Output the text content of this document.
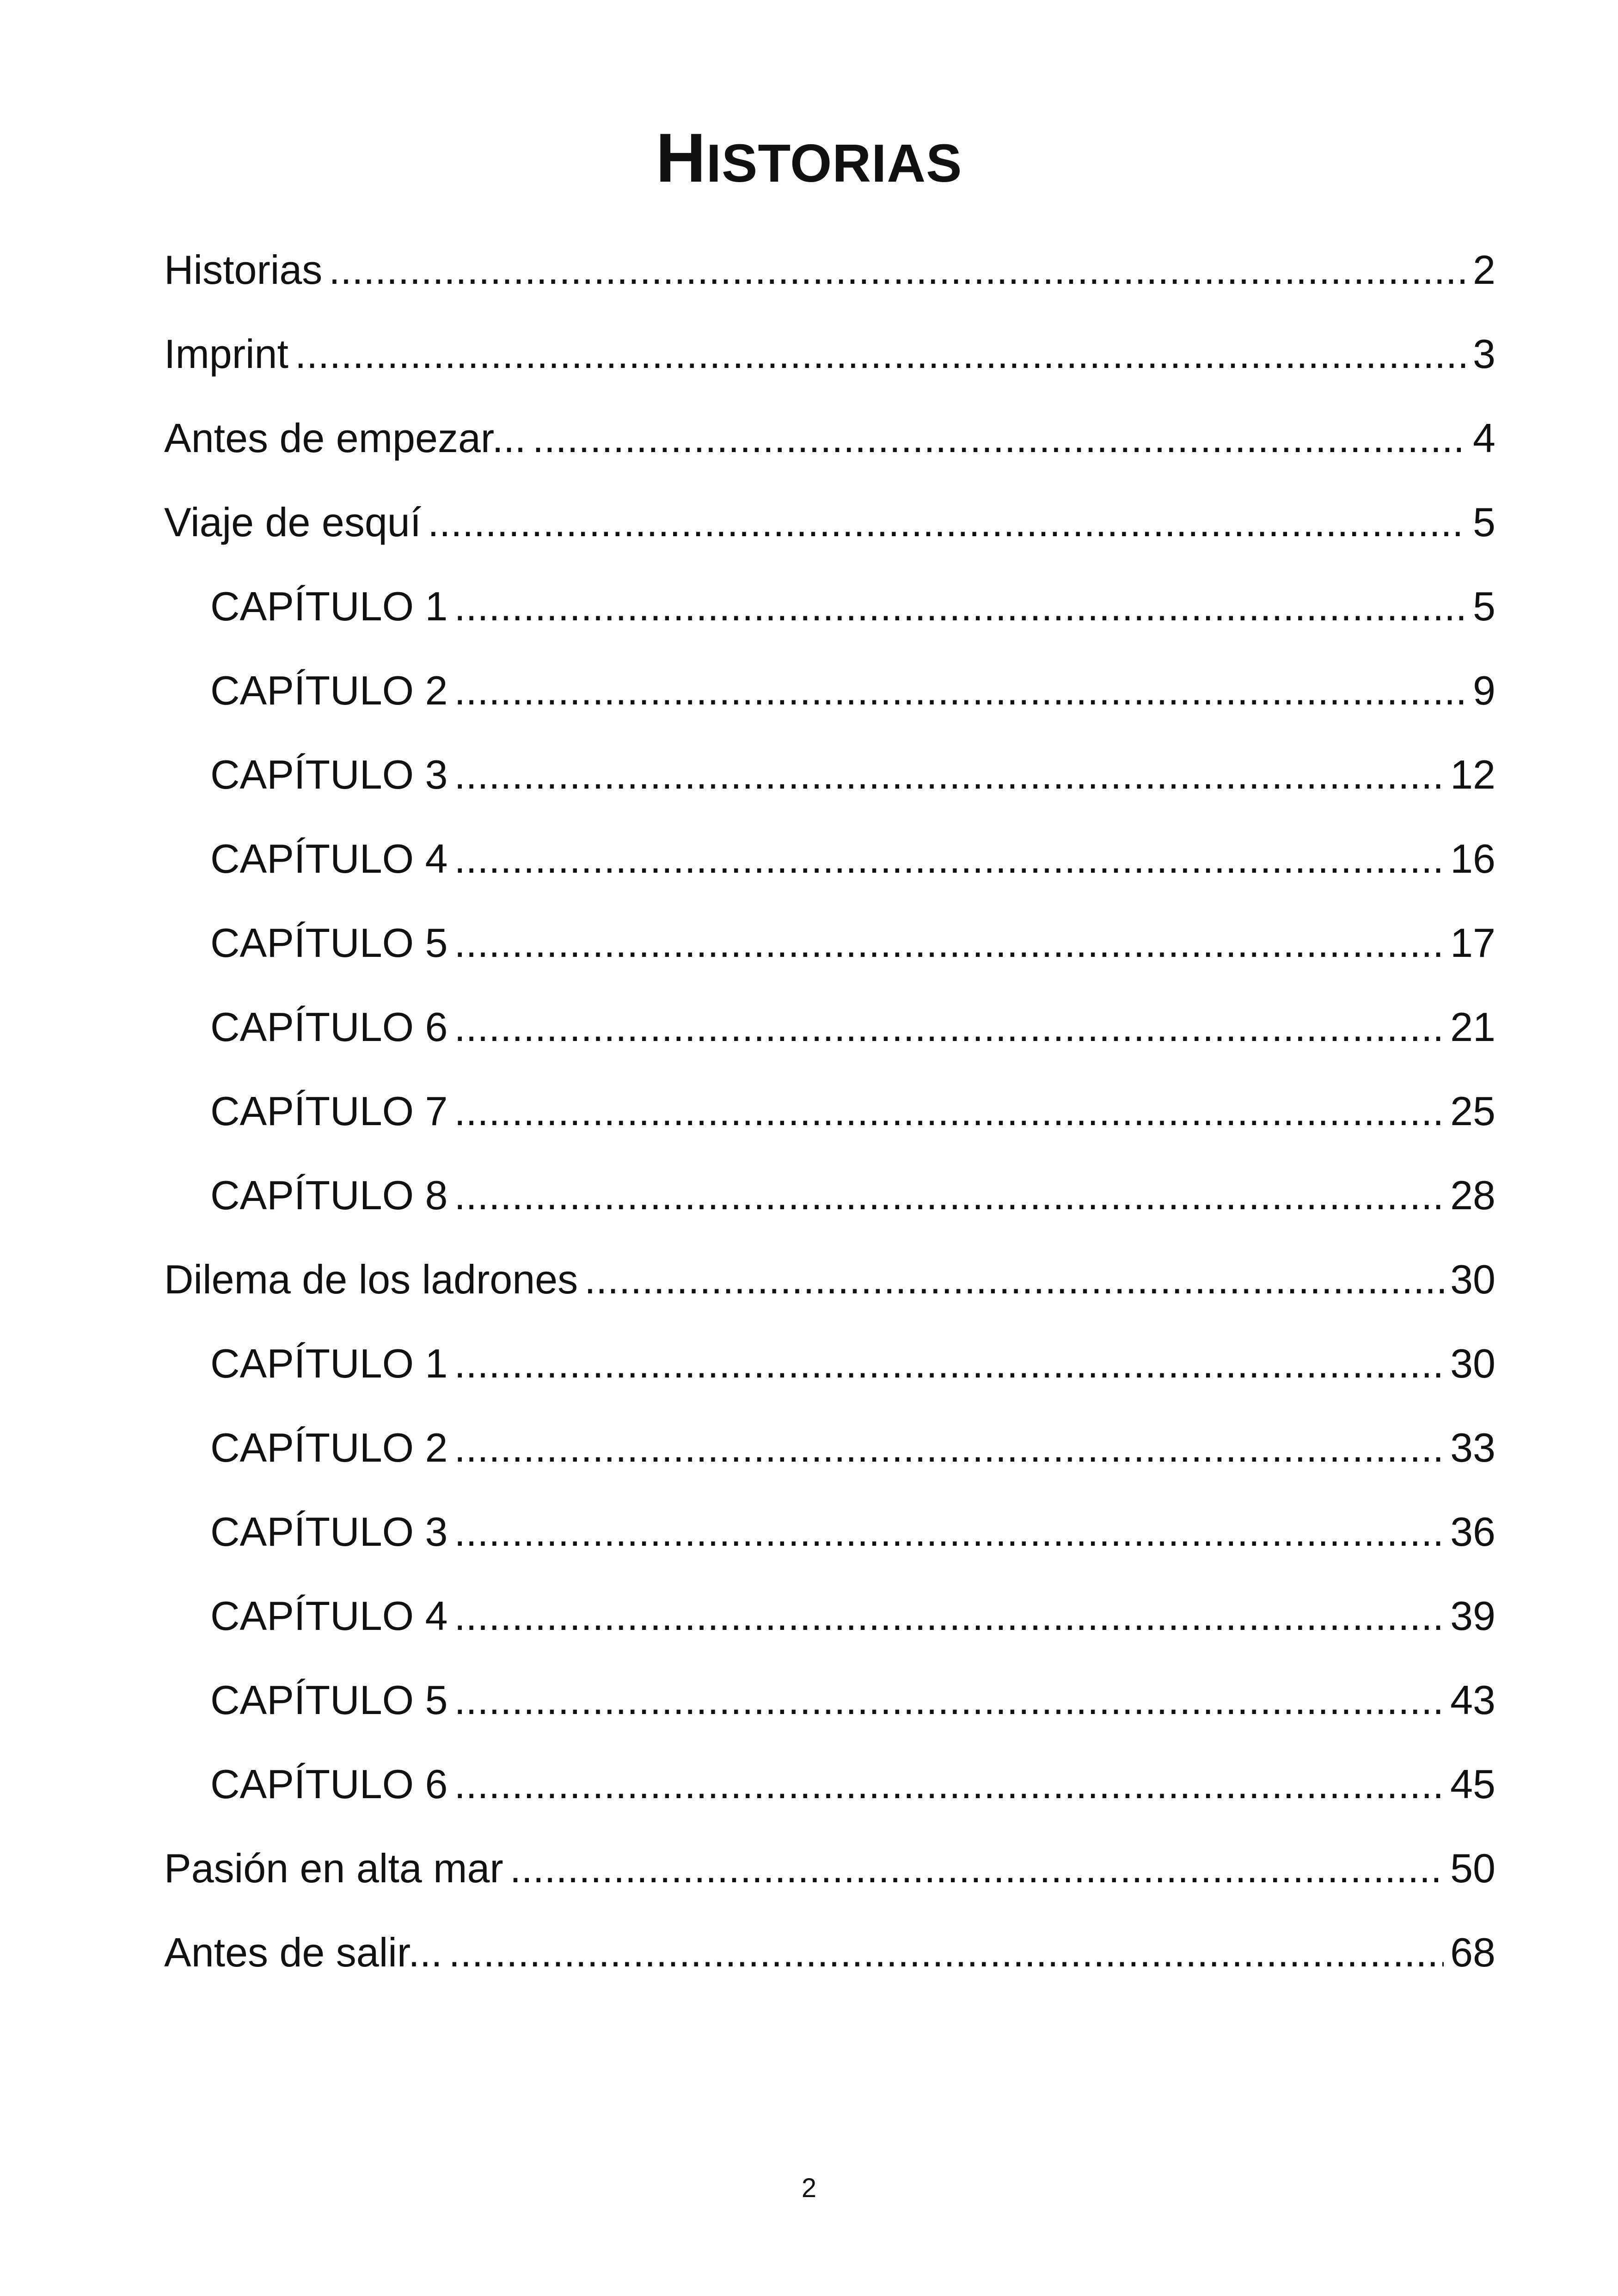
HISTORIAS
Historias . . .	2
Imprint . . .	3
Antes de empezar... . . .	4
Viaje de esquí . . .	5
CAPÍTULO 1 . . .	5
CAPÍTULO 2 . . .	9
CAPÍTULO 3 . . .	12
CAPÍTULO 4 . . .	16
CAPÍTULO 5 . . .	17
CAPÍTULO 6 . . .	21
CAPÍTULO 7 . . .	25
CAPÍTULO 8 . . .	28
Dilema de los ladrones . . .	30
CAPÍTULO 1 . . .	30
CAPÍTULO 2 . . .	33
CAPÍTULO 3 . . .	36
CAPÍTULO 4 . . .	39
CAPÍTULO 5 . . .	43
CAPÍTULO 6 . . .	45
Pasión en alta mar . . .	50
Antes de salir... . . .	68
2
